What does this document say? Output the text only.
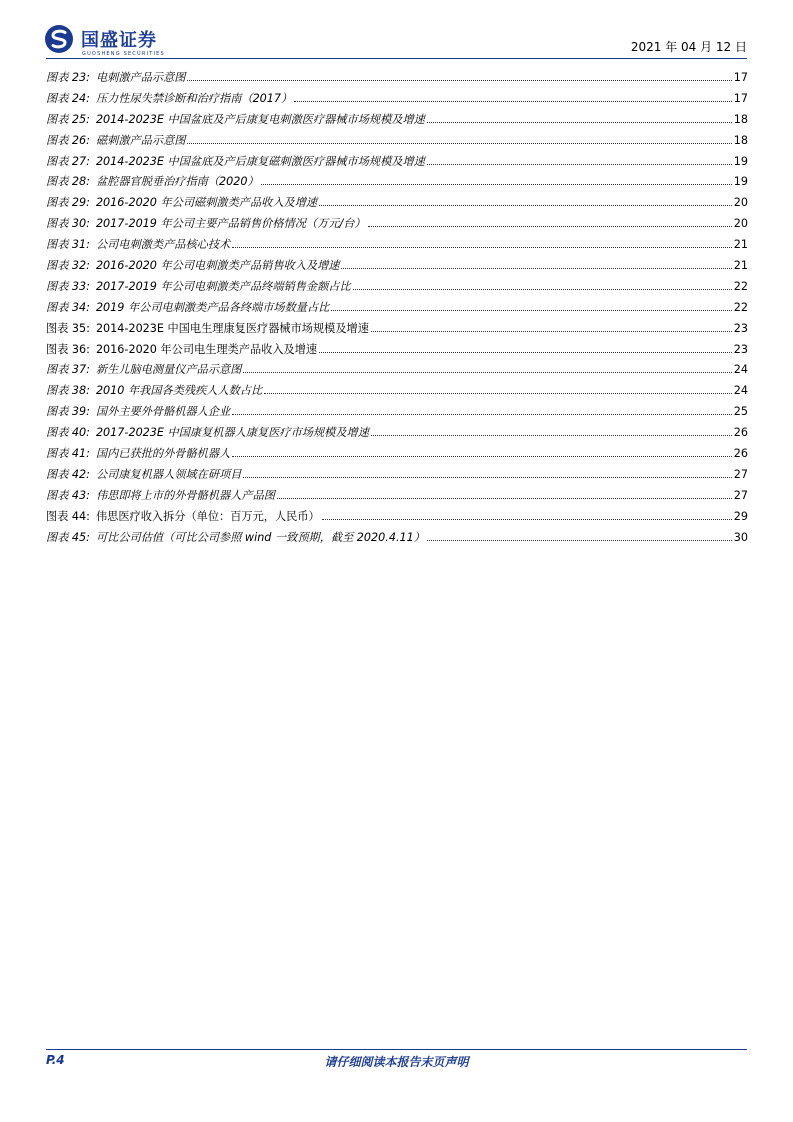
国盛证券
GUOSHENG SECURITIES	2021 年 04 月 12 日
图表 23: 电刺激产品示意图	17
图表 24: 压力性尿失禁诊断和治疗指南（2017）	17
图表 25: 2014-2023E 中国盆底及产后康复电刺激医疗器械市场规模及增速	18
图表 26: 磁刺激产品示意图	18
图表 27: 2014-2023E 中国盆底及产后康复磁刺激医疗器械市场规模及增速	19
图表 28: 盆腔器官脱垂治疗指南（2020）	19
图表 29: 2016-2020 年公司磁刺激类产品收入及增速	20
图表 30: 2017-2019 年公司主要产品销售价格情况（万元/台）	20
图表 31: 公司电刺激类产品核心技术	21
图表 32: 2016-2020 年公司电刺激类产品销售收入及增速	21
图表 33: 2017-2019 年公司电刺激类产品终端销售金额占比	22
图表 34: 2019 年公司电刺激类产品各终端市场数量占比	22
图表 35: 2014-2023E 中国电生理康复医疗器械市场规模及增速	23
图表 36: 2016-2020 年公司电生理类产品收入及增速	23
图表 37: 新生儿脑电测量仪产品示意图	24
图表 38: 2010 年我国各类残疾人人数占比	24
图表 39: 国外主要外骨骼机器人企业	25
图表 40: 2017-2023E 中国康复机器人康复医疗市场规模及增速	26
图表 41: 国内已获批的外骨骼机器人	26
图表 42: 公司康复机器人领域在研项目	27
图表 43: 伟思即将上市的外骨骼机器人产品图	27
图表 44: 伟思医疗收入拆分（单位：百万元，人民币）	29
图表 45: 可比公司估值（可比公司参照 wind 一致预期，截至 2020.4.11）	30
P.4	请仔细阅读本报告末页声明
